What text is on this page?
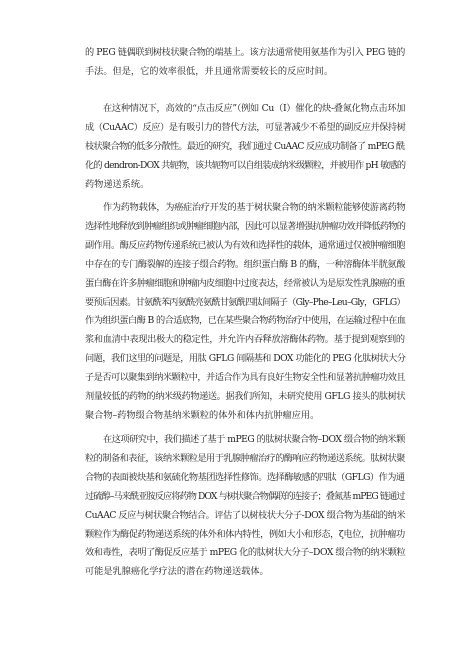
的 PEG 链偶联到树枝状聚合物的端基上。该方法通常使用氨基作为引入 PEG 链的
手法。但是，它的效率很低，并且通常需要较长的反应时间。

在这种情况下，高效的“点击反应”（例如 Cu（I）催化的炔-叠氮化物点击环加
成（CuAAC）反应）是有吸引力的替代方法，可显著减少不希望的副反应并保持树
枝状聚合物的低多分散性。最近的研究，我们通过 CuAAC 反应成功制备了 mPEG 酰
化的 dendron-DOX 共轭物，该共轭物可以自组装成纳米级颗粒，并被用作 pH 敏感的
药物递送系统。

作为药物载体，为癌症治疗开发的基于树状聚合物的纳米颗粒能够使游离药物
选择性地释放到肿瘤组织或肿瘤细胞内部，因此可以显著增强抗肿瘤功效并降低药物的
副作用。酶反应药物传递系统已被认为有效和选择性的载体，通常通过仅被肿瘤细胞
中存在的专门酶裂解的连接子缀合药物。组织蛋白酶 B 的酶，一种溶酶体半胱氨酸
蛋白酶在许多肿瘤细胞和肿瘤内皮细胞中过度表达，经常被认为是原发性乳腺癌的重
要预后因素。甘氨酰苯丙氨酰亮氨酰甘氨酰四肽间隔子（Gly–Phe–Leu–Gly，GFLG）
作为组织蛋白酶 B 的合适底物，已在某些聚合物药物治疗中使用，在运输过程中在血
浆和血清中表现出极大的稳定性，并允许内吞释放溶酶体药物。基于提到观察到的
问题，我们这里的问题是，用肽 GFLG 间隔基和 DOX 功能化的 PEG 化肽树状大分
子是否可以聚集到纳米颗粒中，并适合作为具有良好生物安全性和显著抗肿瘤功效且
剂量较低的药物的纳米级药物递送。据我们所知，未研究使用 GFLG 接头的肽树状
聚合物–药物缀合物基纳米颗粒的体外和体内抗肿瘤应用。

在这项研究中，我们描述了基于 mPEG 的肽树状聚合物–DOX 缀合物的纳米颗
粒的制备和表征，该纳米颗粒是用于乳腺肿瘤治疗的酶响应药物递送系统。肽树状聚
合物的表面被炔基和氨硫化物基团选择性修饰。选择酶敏感的四肽（GFLG）作为通
过硫醇–马来酰亚胺反应将药物 DOX 与树状聚合物偶联的连接子；叠氮基 mPEG 链通过
CuAAC 反应与树状聚合物结合。评估了以树枝状大分子-DOX 缀合物为基础的纳米
颗粒作为酶促药物递送系统的体外和体内特性，例如大小和形态，ζ电位，抗肿瘤功
效和毒性，表明了酶促反应基于 mPEG 化的肽树状大分子–DOX 缀合物的纳米颗粒
可能是乳腺癌化学疗法的潜在药物递送载体。
